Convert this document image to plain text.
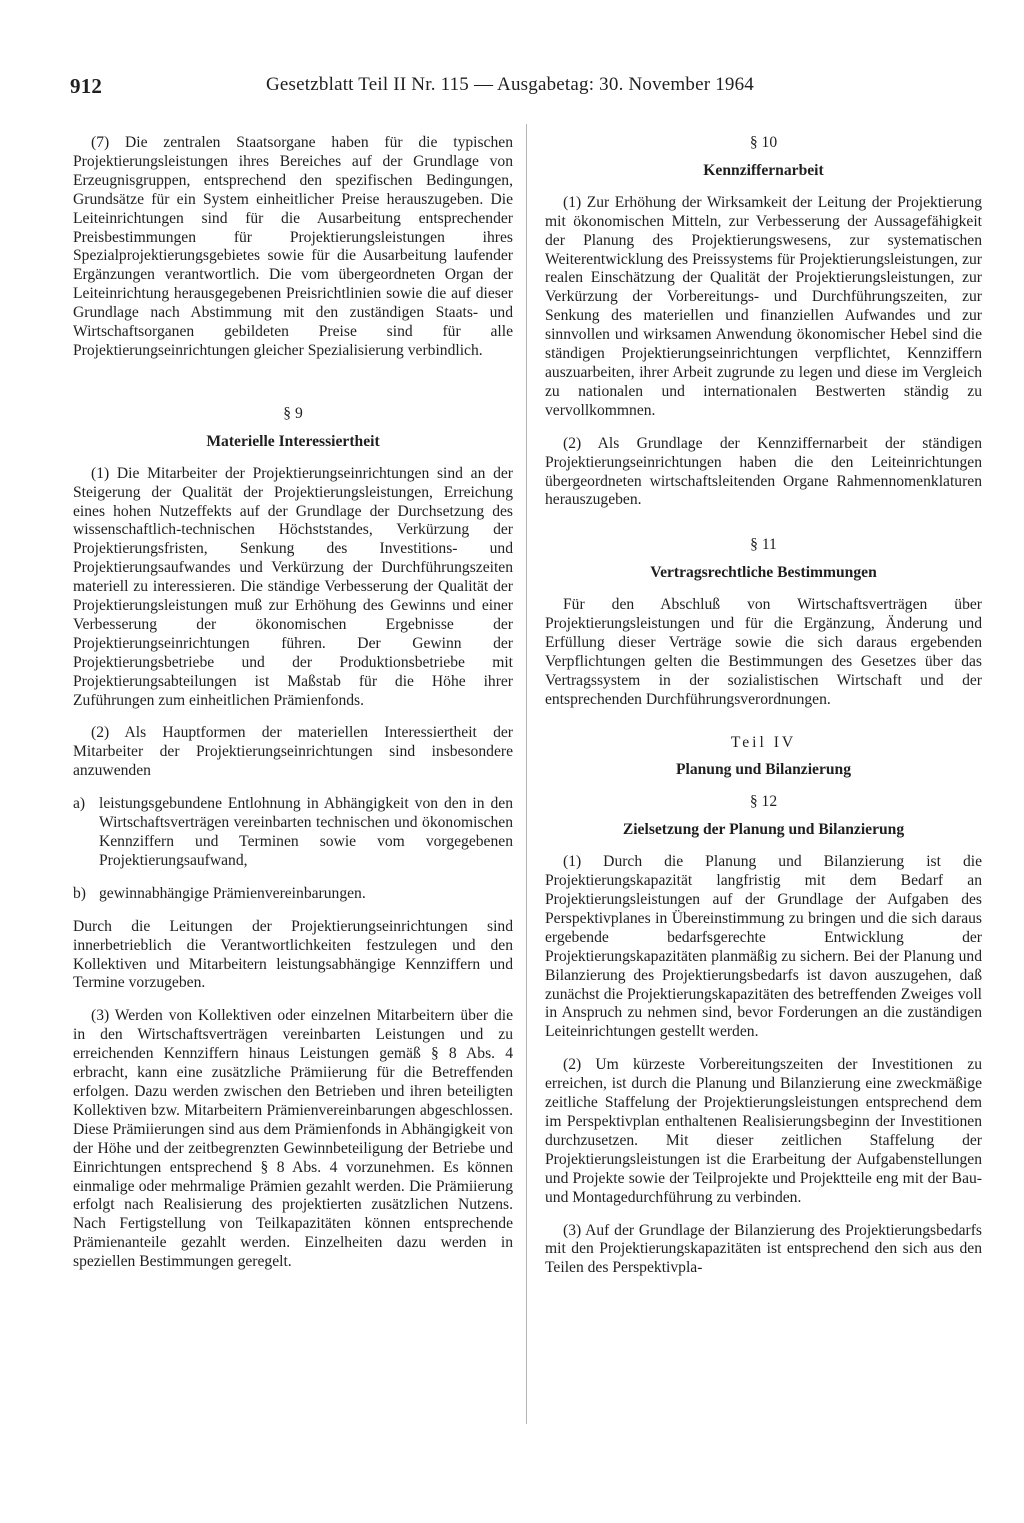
912	Gesetzblatt Teil II Nr. 115 — Ausgabetag: 30. November 1964

(7) Die zentralen Staatsorgane haben für die typischen Projektierungsleistungen ihres Bereiches auf der Grundlage von Erzeugnisgruppen, entsprechend den spezifischen Bedingungen, Grundsätze für ein System einheitlicher Preise herauszugeben. Die Leiteinrichtungen sind für die Ausarbeitung entsprechender Preisbestimmungen für Projektierungsleistungen ihres Spezialprojektierungsgebietes sowie für die Ausarbeitung laufender Ergänzungen verantwortlich. Die vom übergeordneten Organ der Leiteinrichtung herausgegebenen Preisrichtlinien sowie die auf dieser Grundlage nach Abstimmung mit den zuständigen Staats- und Wirtschaftsorganen gebildeten Preise sind für alle Projektierungseinrichtungen gleicher Spezialisierung verbindlich.

§ 9

Materielle Interessiertheit

(1) Die Mitarbeiter der Projektierungseinrichtungen sind an der Steigerung der Qualität der Projektierungsleistungen, Erreichung eines hohen Nutzeffekts auf der Grundlage der Durchsetzung des wissenschaftlich-technischen Höchststandes, Verkürzung der Projektierungsfristen, Senkung des Investitions- und Projektierungsaufwandes und Verkürzung der Durchführungszeiten materiell zu interessieren. Die ständige Verbesserung der Qualität der Projektierungsleistungen muß zur Erhöhung des Gewinns und einer Verbesserung der ökonomischen Ergebnisse der Projektierungseinrichtungen führen. Der Gewinn der Projektierungsbetriebe und der Produktionsbetriebe mit Projektierungsabteilungen ist Maßstab für die Höhe ihrer Zuführungen zum einheitlichen Prämienfonds.

(2) Als Hauptformen der materiellen Interessiertheit der Mitarbeiter der Projektierungseinrichtungen sind insbesondere anzuwenden

a) leistungsgebundene Entlohnung in Abhängigkeit von den in den Wirtschaftsverträgen vereinbarten technischen und ökonomischen Kennziffern und Terminen sowie vom vorgegebenen Projektierungsaufwand,
b) gewinnabhängige Prämienvereinbarungen.

Durch die Leitungen der Projektierungseinrichtungen sind innerbetrieblich die Verantwortlichkeiten festzulegen und den Kollektiven und Mitarbeitern leistungsabhängige Kennziffern und Termine vorzugeben.

(3) Werden von Kollektiven oder einzelnen Mitarbeitern über die in den Wirtschaftsverträgen vereinbarten Leistungen und zu erreichenden Kennziffern hinaus Leistungen gemäß § 8 Abs. 4 erbracht, kann eine zusätzliche Prämiierung für die Betreffenden erfolgen. Dazu werden zwischen den Betrieben und ihren beteiligten Kollektiven bzw. Mitarbeitern Prämienvereinbarungen abgeschlossen. Diese Prämiierungen sind aus dem Prämienfonds in Abhängigkeit von der Höhe und der zeitbegrenzten Gewinnbeteiligung der Betriebe und Einrichtungen entsprechend § 8 Abs. 4 vorzunehmen. Es können einmalige oder mehrmalige Prämien gezahlt werden. Die Prämiierung erfolgt nach Realisierung des projektierten zusätzlichen Nutzens. Nach Fertigstellung von Teilkapazitäten können entsprechende Prämienanteile gezahlt werden. Einzelheiten dazu werden in speziellen Bestimmungen geregelt.

§ 10

Kennziffernarbeit

(1) Zur Erhöhung der Wirksamkeit der Leitung der Projektierung mit ökonomischen Mitteln, zur Verbesserung der Aussagefähigkeit der Planung des Projektierungswesens, zur systematischen Weiterentwicklung des Preissystems für Projektierungsleistungen, zur realen Einschätzung der Qualität der Projektierungsleistungen, zur Verkürzung der Vorbereitungs- und Durchführungszeiten, zur Senkung des materiellen und finanziellen Aufwandes und zur sinnvollen und wirksamen Anwendung ökonomischer Hebel sind die ständigen Projektierungseinrichtungen verpflichtet, Kennziffern auszuarbeiten, ihrer Arbeit zugrunde zu legen und diese im Vergleich zu nationalen und internationalen Bestwerten ständig zu vervollkommnen.

(2) Als Grundlage der Kennziffernarbeit der ständigen Projektierungseinrichtungen haben die den Leiteinrichtungen übergeordneten wirtschaftsleitenden Organe Rahmennomenklaturen herauszugeben.

§ 11

Vertragsrechtliche Bestimmungen

Für den Abschluß von Wirtschaftsverträgen über Projektierungsleistungen und für die Ergänzung, Änderung und Erfüllung dieser Verträge sowie die sich daraus ergebenden Verpflichtungen gelten die Bestimmungen des Gesetzes über das Vertragssystem in der sozialistischen Wirtschaft und der entsprechenden Durchführungsverordnungen.

Teil IV

Planung und Bilanzierung

§ 12

Zielsetzung der Planung und Bilanzierung

(1) Durch die Planung und Bilanzierung ist die Projektierungskapazität langfristig mit dem Bedarf an Projektierungsleistungen auf der Grundlage der Aufgaben des Perspektivplanes in Übereinstimmung zu bringen und die sich daraus ergebende bedarfsgerechte Entwicklung der Projektierungskapazitäten planmäßig zu sichern. Bei der Planung und Bilanzierung des Projektierungsbedarfs ist davon auszugehen, daß zunächst die Projektierungskapazitäten des betreffenden Zweiges voll in Anspruch zu nehmen sind, bevor Forderungen an die zuständigen Leiteinrichtungen gestellt werden.

(2) Um kürzeste Vorbereitungszeiten der Investitionen zu erreichen, ist durch die Planung und Bilanzierung eine zweckmäßige zeitliche Staffelung der Projektierungsleistungen entsprechend dem im Perspektivplan enthaltenen Realisierungsbeginn der Investitionen durchzusetzen. Mit dieser zeitlichen Staffelung der Projektierungsleistungen ist die Erarbeitung der Aufgabenstellungen und Projekte sowie der Teilprojekte und Projektteile eng mit der Bau- und Montagedurchführung zu verbinden.

(3) Auf der Grundlage der Bilanzierung des Projektierungsbedarfs mit den Projektierungskapazitäten ist entsprechend den sich aus den Teilen des Perspektivpla-
